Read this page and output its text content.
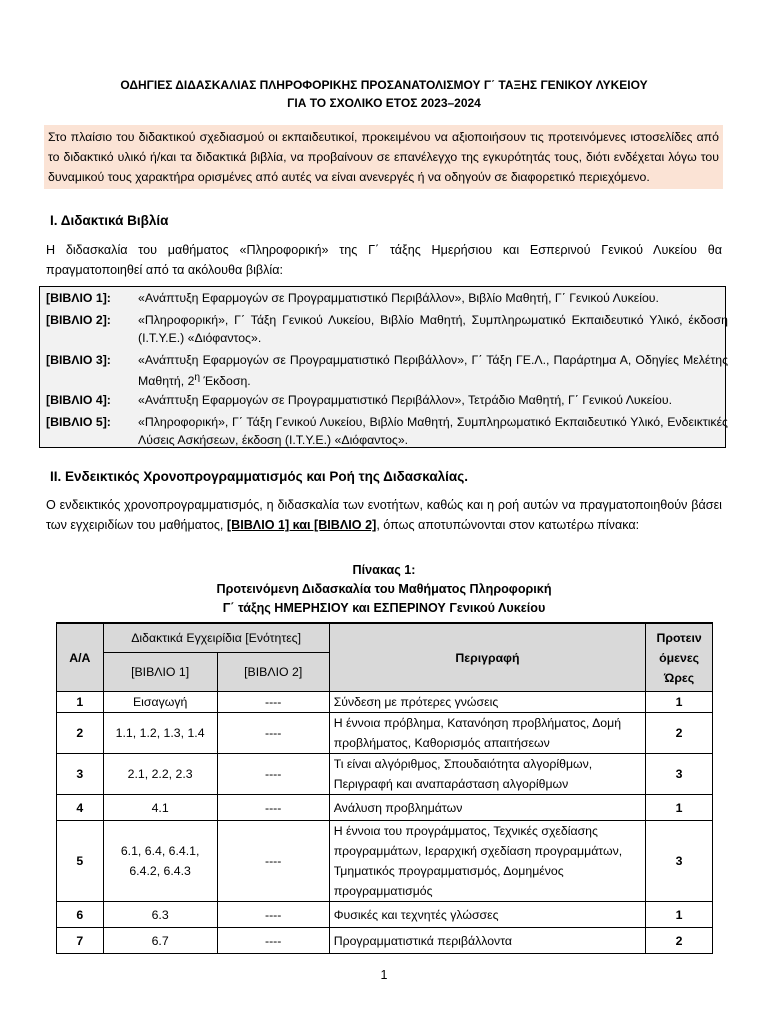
ΟΔΗΓΙΕΣ ΔΙΔΑΣΚΑΛΙΑΣ ΠΛΗΡΟΦΟΡΙΚΗΣ ΠΡΟΣΑΝΑΤΟΛΙΣΜΟΥ Γ΄ ΤΑΞΗΣ ΓΕΝΙΚΟΥ ΛΥΚΕΙΟΥ
ΓΙΑ ΤΟ ΣΧΟΛΙΚΟ ΕΤΟΣ 2023–2024
Στο πλαίσιο του διδακτικού σχεδιασμού οι εκπαιδευτικοί, προκειμένου να αξιοποιήσουν τις προτεινόμενες ιστοσελίδες από το διδακτικό υλικό ή/και τα διδακτικά βιβλία, να προβαίνουν σε επανέλεγχο της εγκυρότητάς τους, διότι ενδέχεται λόγω του δυναμικού τους χαρακτήρα ορισμένες από αυτές να είναι ανενεργές ή να οδηγούν σε διαφορετικό περιεχόμενο.
Ι. Διδακτικά Βιβλία
Η διδασκαλία του μαθήματος «Πληροφορική» της Γ΄ τάξης Ημερήσιου και Εσπερινού Γενικού Λυκείου θα πραγματοποιηθεί από τα ακόλουθα βιβλία:
[ΒΙΒΛΙΟ 1]: «Ανάπτυξη Εφαρμογών σε Προγραμματιστικό Περιβάλλον», Βιβλίο Μαθητή, Γ΄ Γενικού Λυκείου.
[ΒΙΒΛΙΟ 2]: «Πληροφορική», Γ΄ Τάξη Γενικού Λυκείου, Βιβλίο Μαθητή, Συμπληρωματικό Εκπαιδευτικό Υλικό, έκδοση (Ι.Τ.Υ.Ε.) «Διόφαντος».
[ΒΙΒΛΙΟ 3]: «Ανάπτυξη Εφαρμογών σε Προγραμματιστικό Περιβάλλον», Γ΄ Τάξη ΓΕ.Λ., Παράρτημα Α, Οδηγίες Μελέτης Μαθητή, $2^\eta$ Έκδοση.
[ΒΙΒΛΙΟ 4]: «Ανάπτυξη Εφαρμογών σε Προγραμματιστικό Περιβάλλον», Τετράδιο Μαθητή, Γ΄ Γενικού Λυκείου.
[ΒΙΒΛΙΟ 5]: «Πληροφορική», Γ΄ Τάξη Γενικού Λυκείου, Βιβλίο Μαθητή, Συμπληρωματικό Εκπαιδευτικό Υλικό, Ενδεικτικές Λύσεις Ασκήσεων, έκδοση (Ι.Τ.Υ.Ε.) «Διόφαντος».
ΙΙ. Ενδεικτικός Χρονοπρογραμματισμός και Ροή της Διδασκαλίας.
Ο ενδεικτικός χρονοπρογραμματισμός, η διδασκαλία των ενοτήτων, καθώς και η ροή αυτών να πραγματοποιηθούν βάσει των εγχειριδίων του μαθήματος, [ΒΙΒΛΙΟ 1] και [ΒΙΒΛΙΟ 2], όπως αποτυπώνονται στον κατωτέρω πίνακα:
Πίνακας 1:
Προτεινόμενη Διδασκαλία του Μαθήματος Πληροφορική
Γ΄ τάξης ΗΜΕΡΗΣΙΟΥ και ΕΣΠΕΡΙΝΟΥ Γενικού Λυκείου
Α/Α	Διδακτικά Εγχειρίδια [Ενότητες]		Περιγραφή	Προτειν
όμενες
Ώρες

	[ΒΙΒΛΙΟ 1]	[ΒΙΒΛΙΟ 2]		
1	Εισαγωγή	----	Σύνδεση με πρότερες γνώσεις	1
2	1.1, 1.2, 1.3, 1.4	----	Η έννοια πρόβλημα, Κατανόηση προβλήματος, Δομή προβλήματος, Καθορισμός απαιτήσεων	2
3	2.1, 2.2, 2.3	----	Τι είναι αλγόριθμος, Σπουδαιότητα αλγορίθμων, Περιγραφή και αναπαράσταση αλγορίθμων	3
4	4.1	----	Ανάλυση προβλημάτων	1
5	6.1, 6.4, 6.4.1, 6.4.2, 6.4.3	----	Η έννοια του προγράμματος, Τεχνικές σχεδίασης προγραμμάτων, Ιεραρχική σχεδίαση προγραμμάτων, Τμηματικός προγραμματισμός, Δομημένος προγραμματισμός	3
6	6.3	----	Φυσικές και τεχνητές γλώσσες	1
7	6.7	----	Προγραμματιστικά περιβάλλοντα	2
1
